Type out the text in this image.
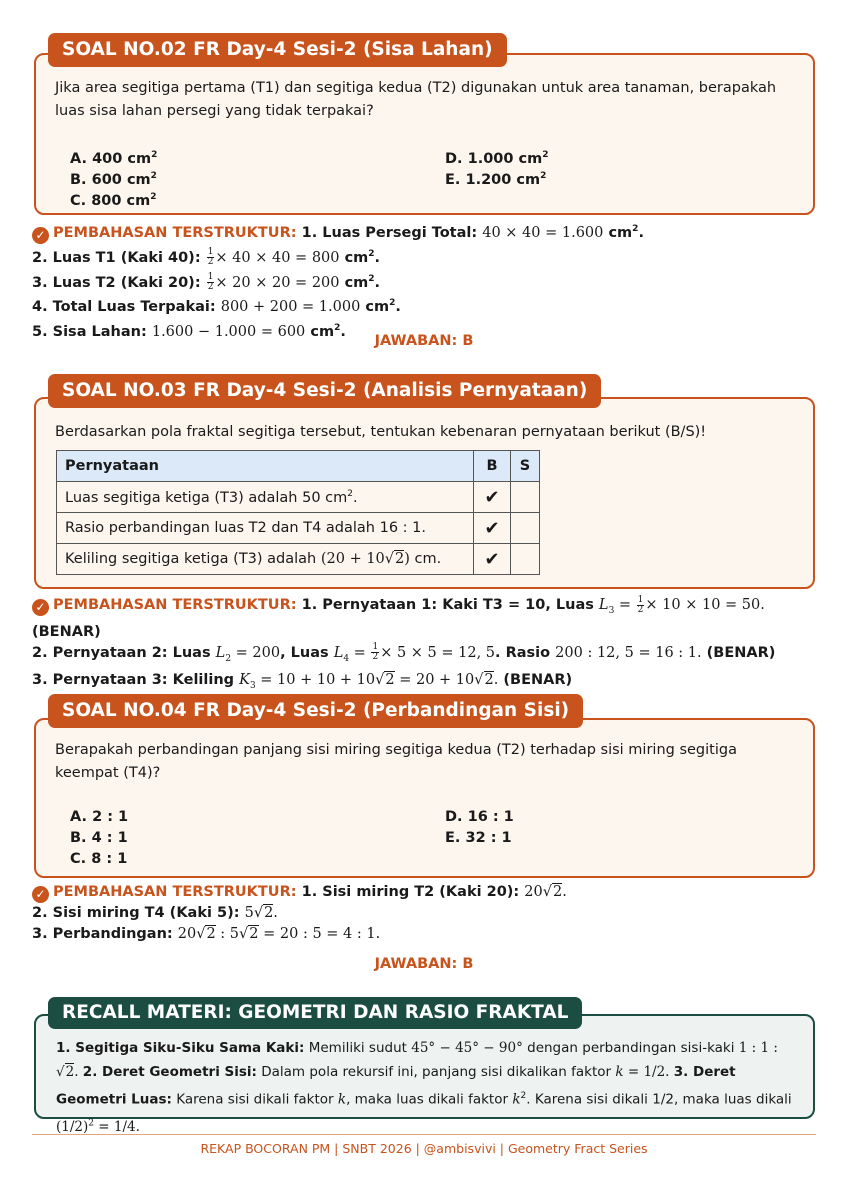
SOAL NO.02 FR Day-4 Sesi-2 (Sisa Lahan)
Jika area segitiga pertama (T1) dan segitiga kedua (T2) digunakan untuk area tanaman, berapakah luas sisa lahan persegi yang tidak terpakai?
A. 400 $cm^2$
B. 600 $cm^2$
C. 800 $cm^2$
D. 1.000 $cm^2$
E. 1.200 $cm^2$
✓ PEMBAHASAN TERSTRUKTUR: 1. Luas Persegi Total: 40 × 40 = 1.600 $cm^2$.
2. Luas T1 (Kaki 40): $\frac{1}{2} \times 40 \times 40 = 800$ $cm^2$.
3. Luas T2 (Kaki 20): $\frac{1}{2} \times 20 \times 20 = 200$ $cm^2$.
4. Total Luas Terpakai: 800 + 200 = 1.000 $cm^2$.
5. Sisa Lahan: 1.600 − 1.000 = 600 $cm^2$.
JAWABAN: B
SOAL NO.03 FR Day-4 Sesi-2 (Analisis Pernyataan)
Berdasarkan pola fraktal segitiga tersebut, tentukan kebenaran pernyataan berikut (B/S)!
Pernyataan	B	S
Luas segitiga ketiga (T3) adalah 50 $cm^2$.	✔	
Rasio perbandingan luas T2 dan T4 adalah 16 : 1.	✔	
Keliling segitiga ketiga (T3) adalah (20 + 10√2) cm.	✔	
✓ PEMBAHASAN TERSTRUKTUR: 1. Pernyataan 1: Kaki T3 = 10, Luas $L_3 = \frac{1}{2} \times 10 \times 10 = 50$.
(BENAR)
2. Pernyataan 2: Luas $L_2 = 200$, Luas $L_4 = \frac{1}{2} \times 5 \times 5 = 12$, 5. Rasio 200 : 12, 5 = 16 : 1. (BENAR)
3. Pernyataan 3: Keliling $K_3 = 10 + 10 + 10√2 = 20 + 10√2$. (BENAR)
SOAL NO.04 FR Day-4 Sesi-2 (Perbandingan Sisi)
Berapakah perbandingan panjang sisi miring segitiga kedua (T2) terhadap sisi miring segitiga keempat (T4)?
A. 2 : 1
B. 4 : 1
C. 8 : 1
D. 16 : 1
E. 32 : 1
✓ PEMBAHASAN TERSTRUKTUR: 1. Sisi miring T2 (Kaki 20): 20√2.
2. Sisi miring T4 (Kaki 5): 5√2.
3. Perbandingan: 20√2 : 5√2 = 20 : 5 = 4 : 1.
JAWABAN: B
RECALL MATERI: GEOMETRI DAN RASIO FRAKTAL
1. Segitiga Siku-Siku Sama Kaki: Memiliki sudut 45° − 45° − 90° dengan perbandingan sisi-kaki 1 : 1 : √2. 2. Deret Geometri Sisi: Dalam pola rekursif ini, panjang sisi dikalikan faktor k = 1/2. 3. Deret Geometri Luas: Karena sisi dikali faktor k, maka luas dikali faktor $k^2$. Karena sisi dikali 1/2, maka luas dikali $(1/2)^2 = 1/4$.
REKAP BOCORAN PM | SNBT 2026 | @ambisvivi | Geometry Fract Series
